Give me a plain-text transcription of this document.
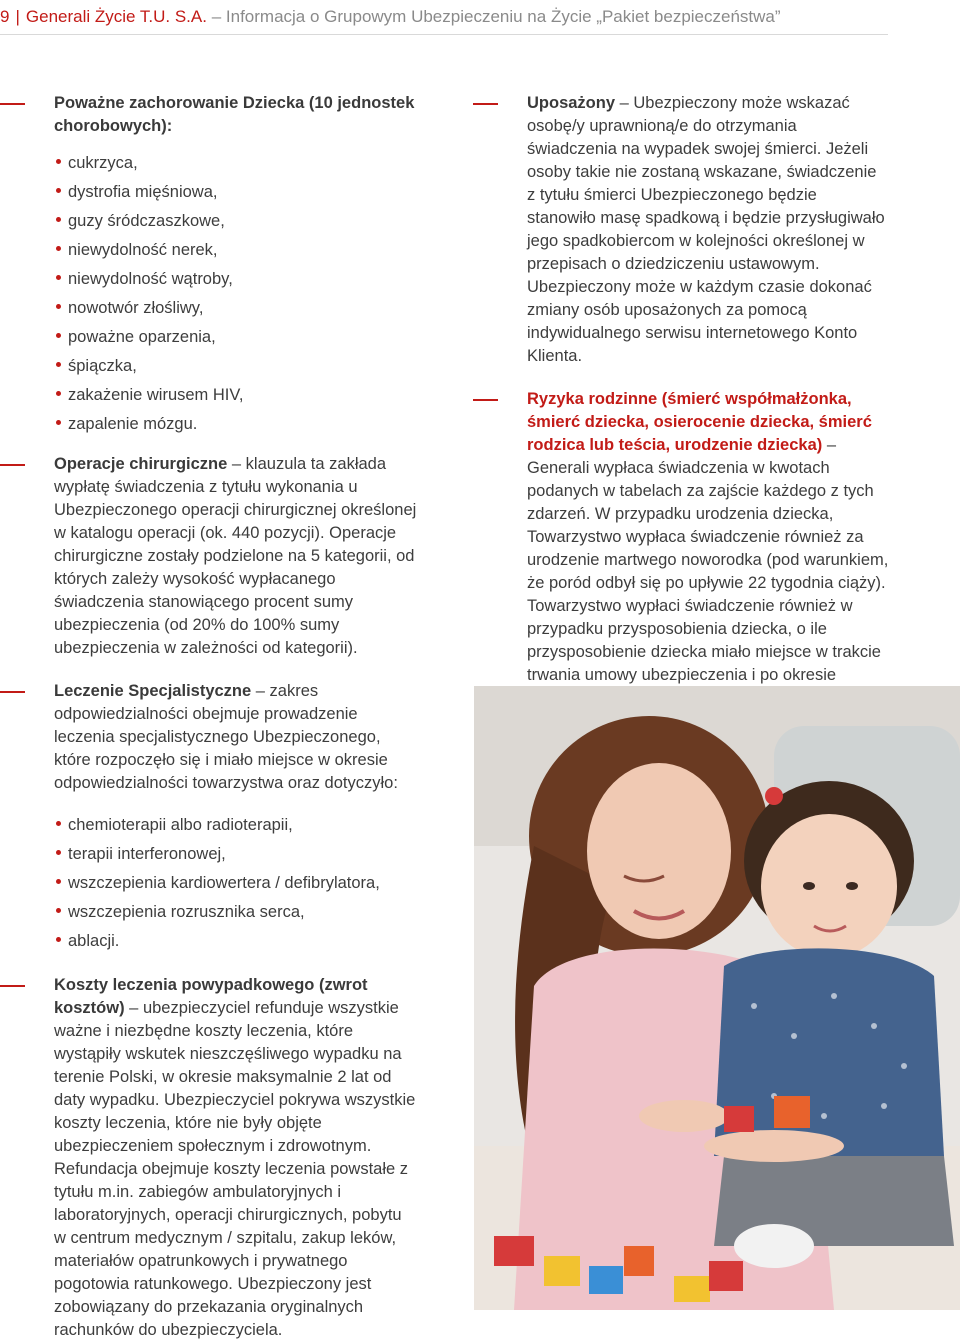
9 | Generali Życie T.U. S.A. – Informacja o Grupowym Ubezpieczeniu na Życie „Pakiet bezpieczeństwa”
Poważne zachorowanie Dziecka (10 jednostek chorobowych):
cukrzyca,
dystrofia mięśniowa,
guzy śródczaszkowe,
niewydolność nerek,
niewydolność wątroby,
nowotwór złośliwy,
poważne oparzenia,
śpiączka,
zakażenie wirusem HIV,
zapalenie mózgu.

Operacje chirurgiczne – klauzula ta zakłada wypłatę świadczenia z tytułu wykonania u Ubezpieczonego operacji chirurgicznej określonej w katalogu operacji (ok. 440 pozycji). Operacje chirurgiczne zostały podzielone na 5 kategorii, od których zależy wysokość wypłacanego świadczenia stanowiącego procent sumy ubezpieczenia (od 20% do 100% sumy ubezpieczenia w zależności od kategorii).

Leczenie Specjalistyczne – zakres odpowiedzialności obejmuje prowadzenie leczenia specjalistycznego Ubezpieczonego, które rozpoczęło się i miało miejsce w okresie odpowiedzialności towarzystwa oraz dotyczyło:

chemioterapii albo radioterapii,
terapii interferonowej,
wszczepienia kardiowertera / defibrylatora,
wszczepienia rozrusznika serca,
ablacji.

Koszty leczenia powypadkowego (zwrot kosztów) – ubezpieczyciel refunduje wszystkie ważne i niezbędne koszty leczenia, które wystąpiły wskutek nieszczęśliwego wypadku na terenie Polski, w okresie maksymalnie 2 lat od daty wypadku. Ubezpieczyciel pokrywa wszystkie koszty leczenia, które nie były objęte ubezpieczeniem społecznym i zdrowotnym. Refundacja obejmuje koszty leczenia powstałe z tytułu m.in. zabiegów ambulatoryjnych i laboratoryjnych, operacji chirurgicznych, pobytu w centrum medycznym / szpitalu, zakup leków, materiałów opatrunkowych i prywatnego pogotowia ratunkowego. Ubezpieczony jest zobowiązany do przekazania oryginalnych rachunków do ubezpieczyciela.

Uposażony – Ubezpieczony może wskazać osobę/y uprawnioną/e do otrzymania świadczenia na wypadek swojej śmierci. Jeżeli osoby takie nie zostaną wskazane, świadczenie z tytułu śmierci Ubezpieczonego będzie stanowiło masę spadkową i będzie przysługiwało jego spadkobiercom w kolejności określonej w przepisach o dziedziczeniu ustawowym. Ubezpieczony może w każdym czasie dokonać zmiany osób uposażonych za pomocą indywidualnego serwisu internetowego Konto Klienta.

Ryzyka rodzinne (śmierć współmałżonka, śmierć dziecka, osierocenie dziecka, śmierć rodzica lub teścia, urodzenie dziecka) – Generali wypłaca świadczenia w kwotach podanych w tabelach za zajście każdego z tych zdarzeń. W przypadku urodzenia dziecka, Towarzystwo wypłaca świadczenie również za urodzenie martwego noworodka (pod warunkiem, że poród odbył się po upływie 22 tygodnia ciąży). Towarzystwo wypłaci świadczenie również w przypadku przysposobienia dziecka, o ile przysposobienie dziecka miało miejsce w trakcie trwania umowy ubezpieczenia i po okresie
